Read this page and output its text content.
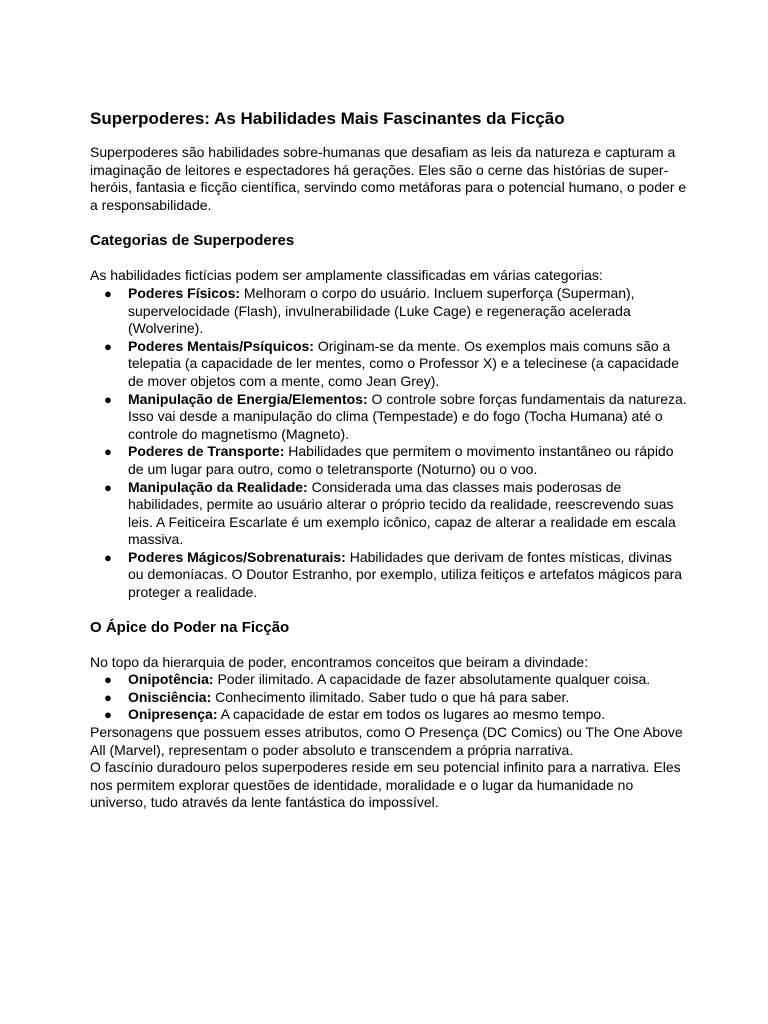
Superpoderes: As Habilidades Mais Fascinantes da Ficção

Superpoderes são habilidades sobre-humanas que desafiam as leis da natureza e capturam a imaginação de leitores e espectadores há gerações. Eles são o cerne das histórias de super-heróis, fantasia e ficção científica, servindo como metáforas para o potencial humano, o poder e a responsabilidade.

Categorias de Superpoderes

As habilidades fictícias podem ser amplamente classificadas em várias categorias:

● Poderes Físicos: Melhoram o corpo do usuário. Incluem superforça (Superman), supervelocidade (Flash), invulnerabilidade (Luke Cage) e regeneração acelerada (Wolverine).
● Poderes Mentais/Psíquicos: Originam-se da mente. Os exemplos mais comuns são a telepatia (a capacidade de ler mentes, como o Professor X) e a telecinese (a capacidade de mover objetos com a mente, como Jean Grey).
● Manipulação de Energia/Elementos: O controle sobre forças fundamentais da natureza. Isso vai desde a manipulação do clima (Tempestade) e do fogo (Tocha Humana) até o controle do magnetismo (Magneto).
● Poderes de Transporte: Habilidades que permitem o movimento instantâneo ou rápido de um lugar para outro, como o teletransporte (Noturno) ou o voo.
● Manipulação da Realidade: Considerada uma das classes mais poderosas de habilidades, permite ao usuário alterar o próprio tecido da realidade, reescrevendo suas leis. A Feiticeira Escarlate é um exemplo icônico, capaz de alterar a realidade em escala massiva.
● Poderes Mágicos/Sobrenaturais: Habilidades que derivam de fontes místicas, divinas ou demoníacas. O Doutor Estranho, por exemplo, utiliza feitiços e artefatos mágicos para proteger a realidade.
O Ápice do Poder na Ficção

No topo da hierarquia de poder, encontramos conceitos que beiram a divindade:

● Onipotência: Poder ilimitado. A capacidade de fazer absolutamente qualquer coisa.
● Onisciência: Conhecimento ilimitado. Saber tudo o que há para saber.
● Onipresença: A capacidade de estar em todos os lugares ao mesmo tempo.

Personagens que possuem esses atributos, como O Presença (DC Comics) ou The One Above All (Marvel), representam o poder absoluto e transcendem a própria narrativa.

O fascínio duradouro pelos superpoderes reside em seu potencial infinito para a narrativa. Eles nos permitem explorar questões de identidade, moralidade e o lugar da humanidade no universo, tudo através da lente fantástica do impossível.
